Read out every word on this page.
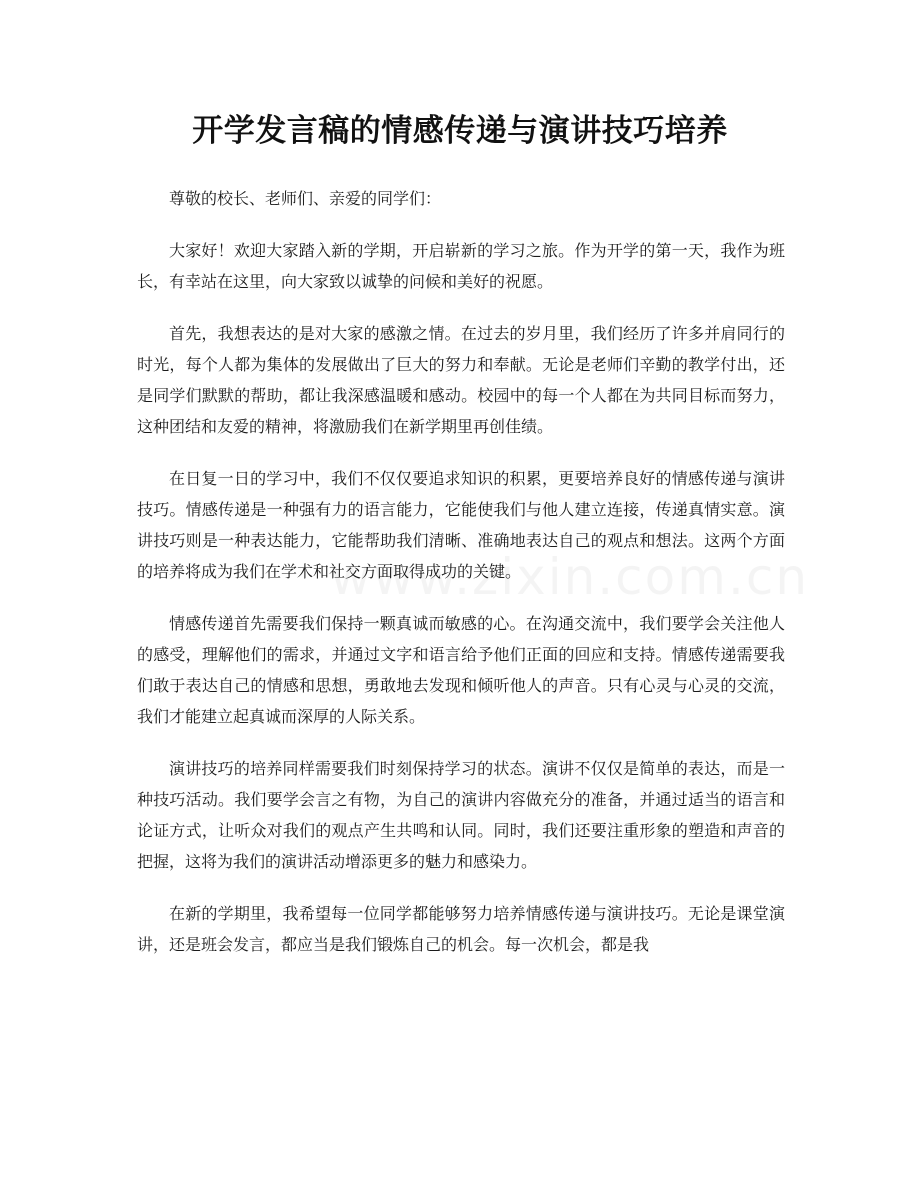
开学发言稿的情感传递与演讲技巧培养

尊敬的校长、老师们、亲爱的同学们：

大家好！欢迎大家踏入新的学期，开启崭新的学习之旅。作为开学的第一天，我作为班长，有幸站在这里，向大家致以诚挚的问候和美好的祝愿。

首先，我想表达的是对大家的感激之情。在过去的岁月里，我们经历了许多并肩同行的时光，每个人都为集体的发展做出了巨大的努力和奉献。无论是老师们辛勤的教学付出，还是同学们默默的帮助，都让我深感温暖和感动。校园中的每一个人都在为共同目标而努力，这种团结和友爱的精神，将激励我们在新学期里再创佳绩。

在日复一日的学习中，我们不仅仅要追求知识的积累，更要培养良好的情感传递与演讲技巧。情感传递是一种强有力的语言能力，它能使我们与他人建立连接，传递真情实意。演讲技巧则是一种表达能力，它能帮助我们清晰、准确地表达自己的观点和想法。这两个方面的培养将成为我们在学术和社交方面取得成功的关键。

情感传递首先需要我们保持一颗真诚而敏感的心。在沟通交流中，我们要学会关注他人的感受，理解他们的需求，并通过文字和语言给予他们正面的回应和支持。情感传递需要我们敢于表达自己的情感和思想，勇敢地去发现和倾听他人的声音。只有心灵与心灵的交流，我们才能建立起真诚而深厚的人际关系。

演讲技巧的培养同样需要我们时刻保持学习的状态。演讲不仅仅是简单的表达，而是一种技巧活动。我们要学会言之有物，为自己的演讲内容做充分的准备，并通过适当的语言和论证方式，让听众对我们的观点产生共鸣和认同。同时，我们还要注重形象的塑造和声音的把握，这将为我们的演讲活动增添更多的魅力和感染力。

在新的学期里，我希望每一位同学都能够努力培养情感传递与演讲技巧。无论是课堂演讲，还是班会发言，都应当是我们锻炼自己的机会。每一次机会，都是我
